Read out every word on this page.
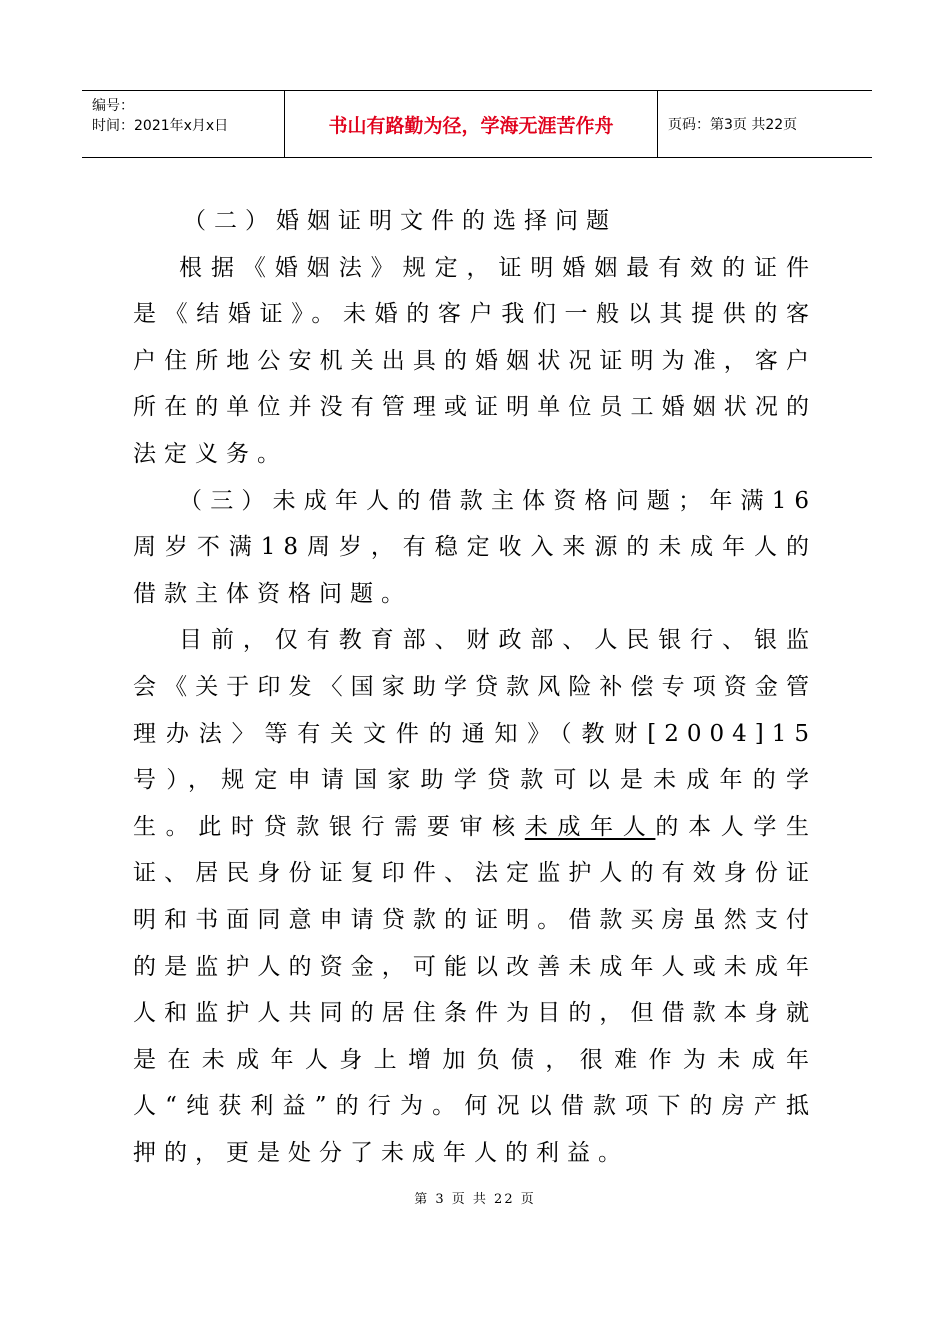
编号：
时间：2021年x月x日	书山有路勤为径，学海无涯苦作舟	页码：第3页 共22页

（二）婚姻证明文件的选择问题

根据《婚姻法》规定，证明婚姻最有效的证件是《结婚证》。未婚的客户我们一般以其提供的客户住所地公安机关出具的婚姻状况证明为准，客户所在的单位并没有管理或证明单位员工婚姻状况的法定义务。

（三）未成年人的借款主体资格问题；年满16周岁不满18周岁，有稳定收入来源的未成年人的借款主体资格问题。

目前，仅有教育部、财政部、人民银行、银监会《关于印发〈国家助学贷款风险补偿专项资金管理办法〉等有关文件的通知》（教财[2004]15号），规定申请国家助学贷款可以是未成年的学生。此时贷款银行需要审核未成年人的本人学生证、居民身份证复印件、法定监护人的有效身份证明和书面同意申请贷款的证明。借款买房虽然支付的是监护人的资金，可能以改善未成年人或未成年人和监护人共同的居住条件为目的，但借款本身就是在未成年人身上增加负债，很难作为未成年人“纯获利益”的行为。何况以借款项下的房产抵押的，更是处分了未成年人的利益。

第 3 页 共 22 页
